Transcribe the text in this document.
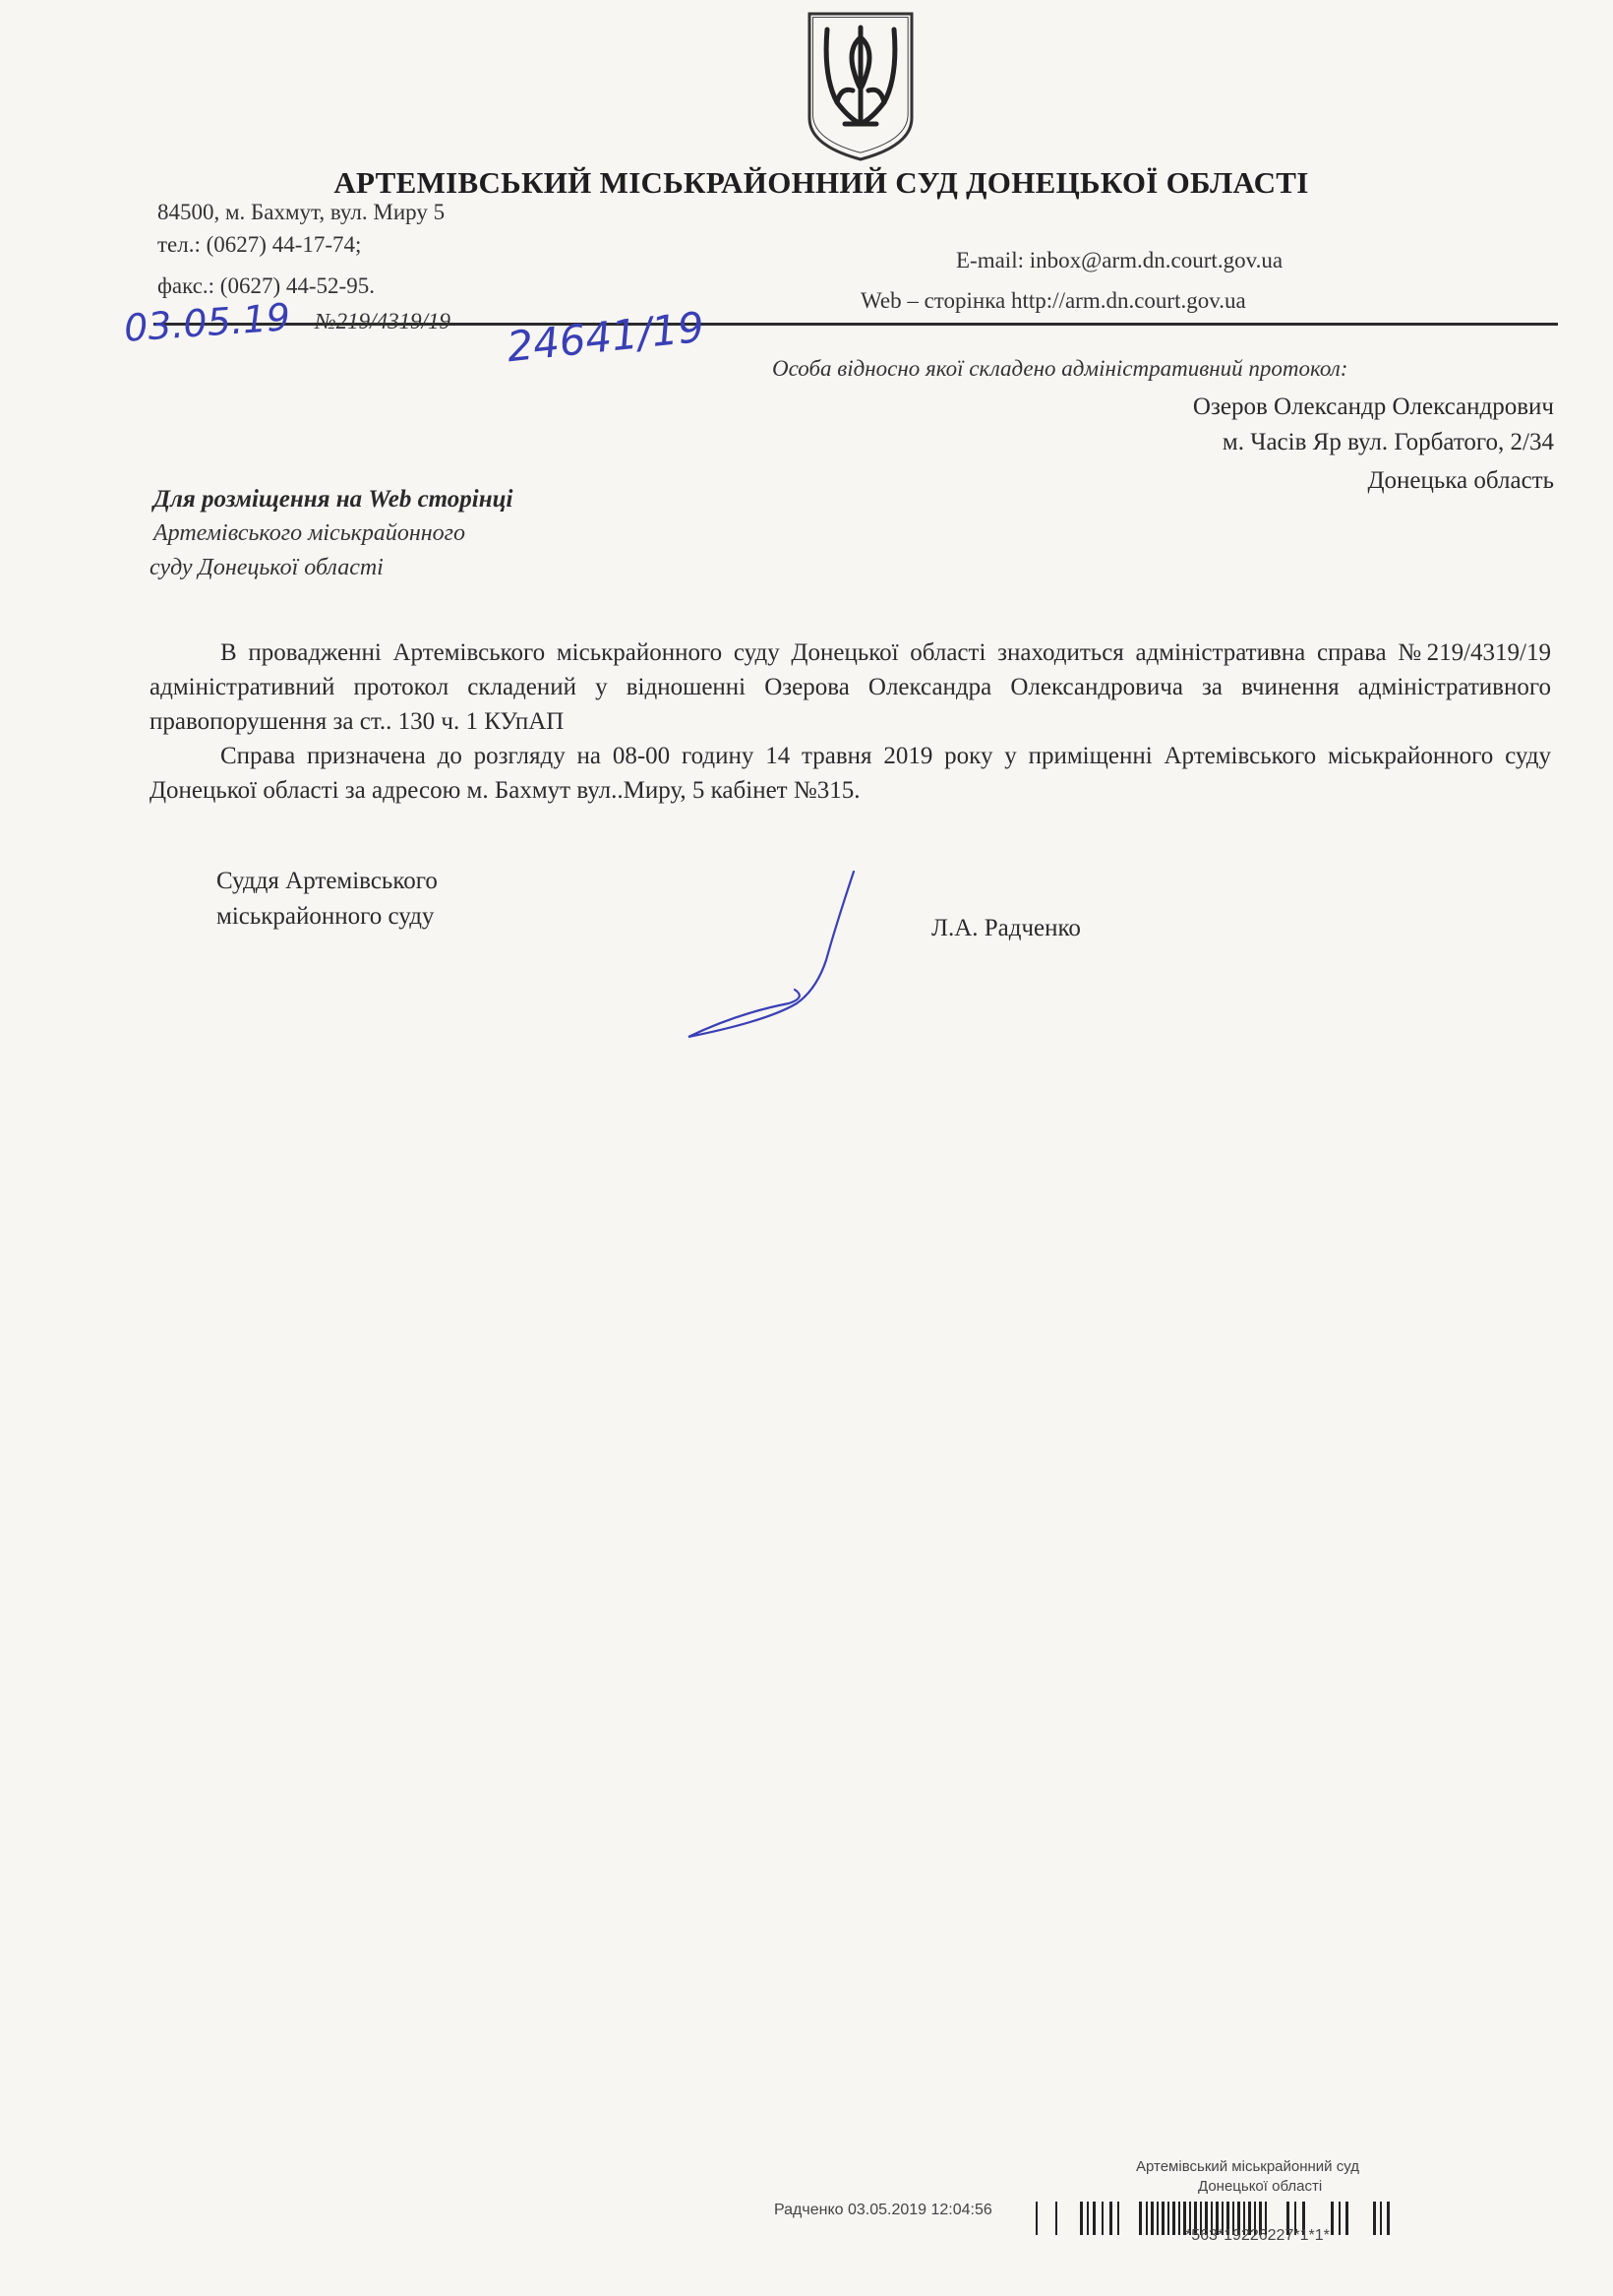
АРТЕМІВСЬКИЙ МІСЬКРАЙОННИЙ СУД ДОНЕЦЬКОЇ ОБЛАСТІ
84500, м. Бахмут, вул. Миру 5
тел.: (0627) 44-17-74;
факс.: (0627) 44-52-95.
E-mail: inbox@arm.dn.court.gov.ua
Web – сторінка http://arm.dn.court.gov.ua
03.05.19 №219/4319/19 24641/19	Особа відносно якої складено адміністративний протокол:
Озеров Олександр Олександрович
м. Часів Яр вул. Горбатого, 2/34
Донецька область
Для розміщення на Web сторінці
Артемівського міськрайонного
суду Донецької області
В провадженні Артемівського міськрайонного суду Донецької області знаходиться адміністративна справа №219/4319/19 адміністративний протокол складений у відношенні Озерова Олександра Олександровича за вчинення адміністративного правопорушення за ст.. 130 ч. 1 КУпАП
Справа призначена до розгляду на 08-00 годину 14 травня 2019 року у приміщенні Артемівського міськрайонного суду Донецької області за адресою м. Бахмут вул..Миру, 5 кабінет №315.
Суддя Артемівського
міськрайонного суду	Л.А. Радченко
Артемівський міськрайонний суд
Донецької області
Радченко 03.05.2019 12:04:56
*563*19226227*1*1*
